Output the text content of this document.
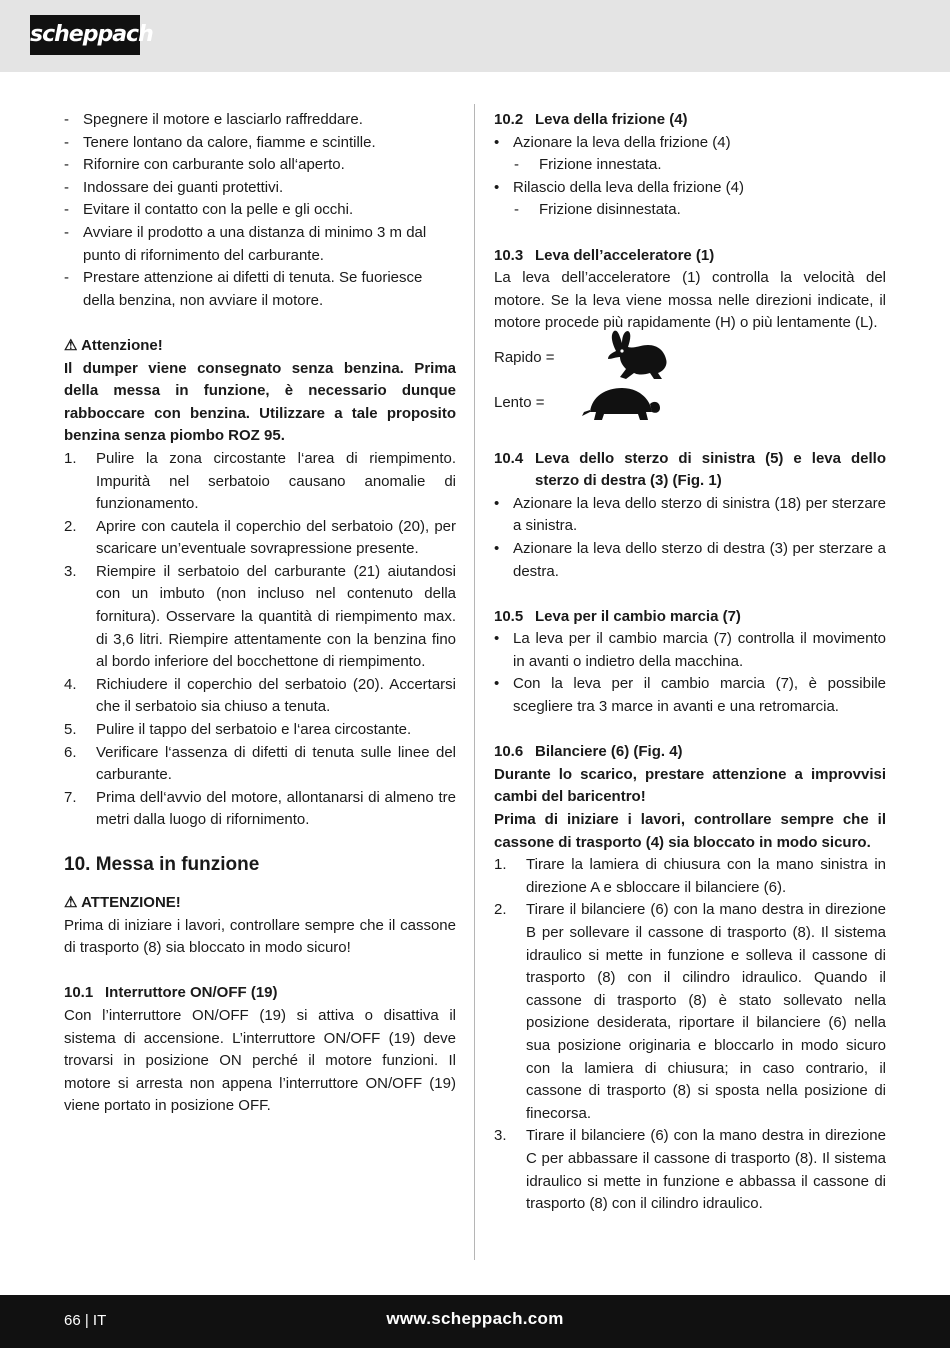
scheppach
- Spegnere il motore e lasciarlo raffreddare.
- Tenere lontano da calore, fiamme e scintille.
- Rifornire con carburante solo all‘aperto.
- Indossare dei guanti protettivi.
- Evitare il contatto con la pelle e gli occhi.
- Avviare il prodotto a una distanza di minimo 3 m dal punto di rifornimento del carburante.
- Prestare attenzione ai difetti di tenuta. Se fuoriesce della benzina, non avviare il motore.
⚠ Attenzione!
Il dumper viene consegnato senza benzina. Prima della messa in funzione, è necessario dunque rabboccare con benzina. Utilizzare a tale proposito benzina senza piombo ROZ 95.
1. Pulire la zona circostante l‘area di riempimento. Impurità nel serbatoio causano anomalie di funzionamento.
2. Aprire con cautela il coperchio del serbatoio (20), per scaricare un’eventuale sovrapressione presente.
3. Riempire il serbatoio del carburante (21) aiutandosi con un imbuto (non incluso nel contenuto della fornitura). Osservare la quantità di riempimento max. di 3,6 litri. Riempire attentamente con la benzina fino al bordo inferiore del bocchettone di riempimento.
4. Richiudere il coperchio del serbatoio (20). Accertarsi che il serbatoio sia chiuso a tenuta.
5. Pulire il tappo del serbatoio e l‘area circostante.
6. Verificare l‘assenza di difetti di tenuta sulle linee del carburante.
7. Prima dell‘avvio del motore, allontanarsi di almeno tre metri dalla luogo di rifornimento.
10. Messa in funzione
⚠ ATTENZIONE!
Prima di iniziare i lavori, controllare sempre che il cassone di trasporto (8) sia bloccato in modo sicuro!
10.1 Interruttore ON/OFF (19)
Con l’interruttore ON/OFF (19) si attiva o disattiva il sistema di accensione. L’interruttore ON/OFF (19) deve trovarsi in posizione ON perché il motore funzioni. Il motore si arresta non appena l’interruttore ON/OFF (19) viene portato in posizione OFF.
10.2 Leva della frizione (4)
• Azionare la leva della frizione (4)
- Frizione innestata.
• Rilascio della leva della frizione (4)
- Frizione disinnestata.
10.3 Leva dell’acceleratore (1)
La leva dell’acceleratore (1) controlla la velocità del motore. Se la leva viene mossa nelle direzioni indicate, il motore procede più rapidamente (H) o più lentamente (L).
Rapido =
Lento =
10.4 Leva dello sterzo di sinistra (5) e leva dello sterzo di destra (3) (Fig. 1)
• Azionare la leva dello sterzo di sinistra (18) per sterzare a sinistra.
• Azionare la leva dello sterzo di destra (3) per sterzare a destra.
10.5 Leva per il cambio marcia (7)
• La leva per il cambio marcia (7) controlla il movimento in avanti o indietro della macchina.
• Con la leva per il cambio marcia (7), è possibile scegliere tra 3 marce in avanti e una retromarcia.
10.6 Bilanciere (6) (Fig. 4)
Durante lo scarico, prestare attenzione a improvvisi cambi del baricentro!
Prima di iniziare i lavori, controllare sempre che il cassone di trasporto (4) sia bloccato in modo sicuro.
1. Tirare la lamiera di chiusura con la mano sinistra in direzione A e sbloccare il bilanciere (6).
2. Tirare il bilanciere (6) con la mano destra in direzione B per sollevare il cassone di trasporto (8). Il sistema idraulico si mette in funzione e solleva il cassone di trasporto (8) con il cilindro idraulico. Quando il cassone di trasporto (8) è stato sollevato nella posizione desiderata, riportare il bilanciere (6) nella sua posizione originaria e bloccarlo in modo sicuro con la lamiera di chiusura; in caso contrario, il cassone di trasporto (8) si sposta nella posizione di finecorsa.
3. Tirare il bilanciere (6) con la mano destra in direzione C per abbassare il cassone di trasporto (8). Il sistema idraulico si mette in funzione e abbassa il cassone di trasporto (8) con il cilindro idraulico.
66 | IT	www.scheppach.com
